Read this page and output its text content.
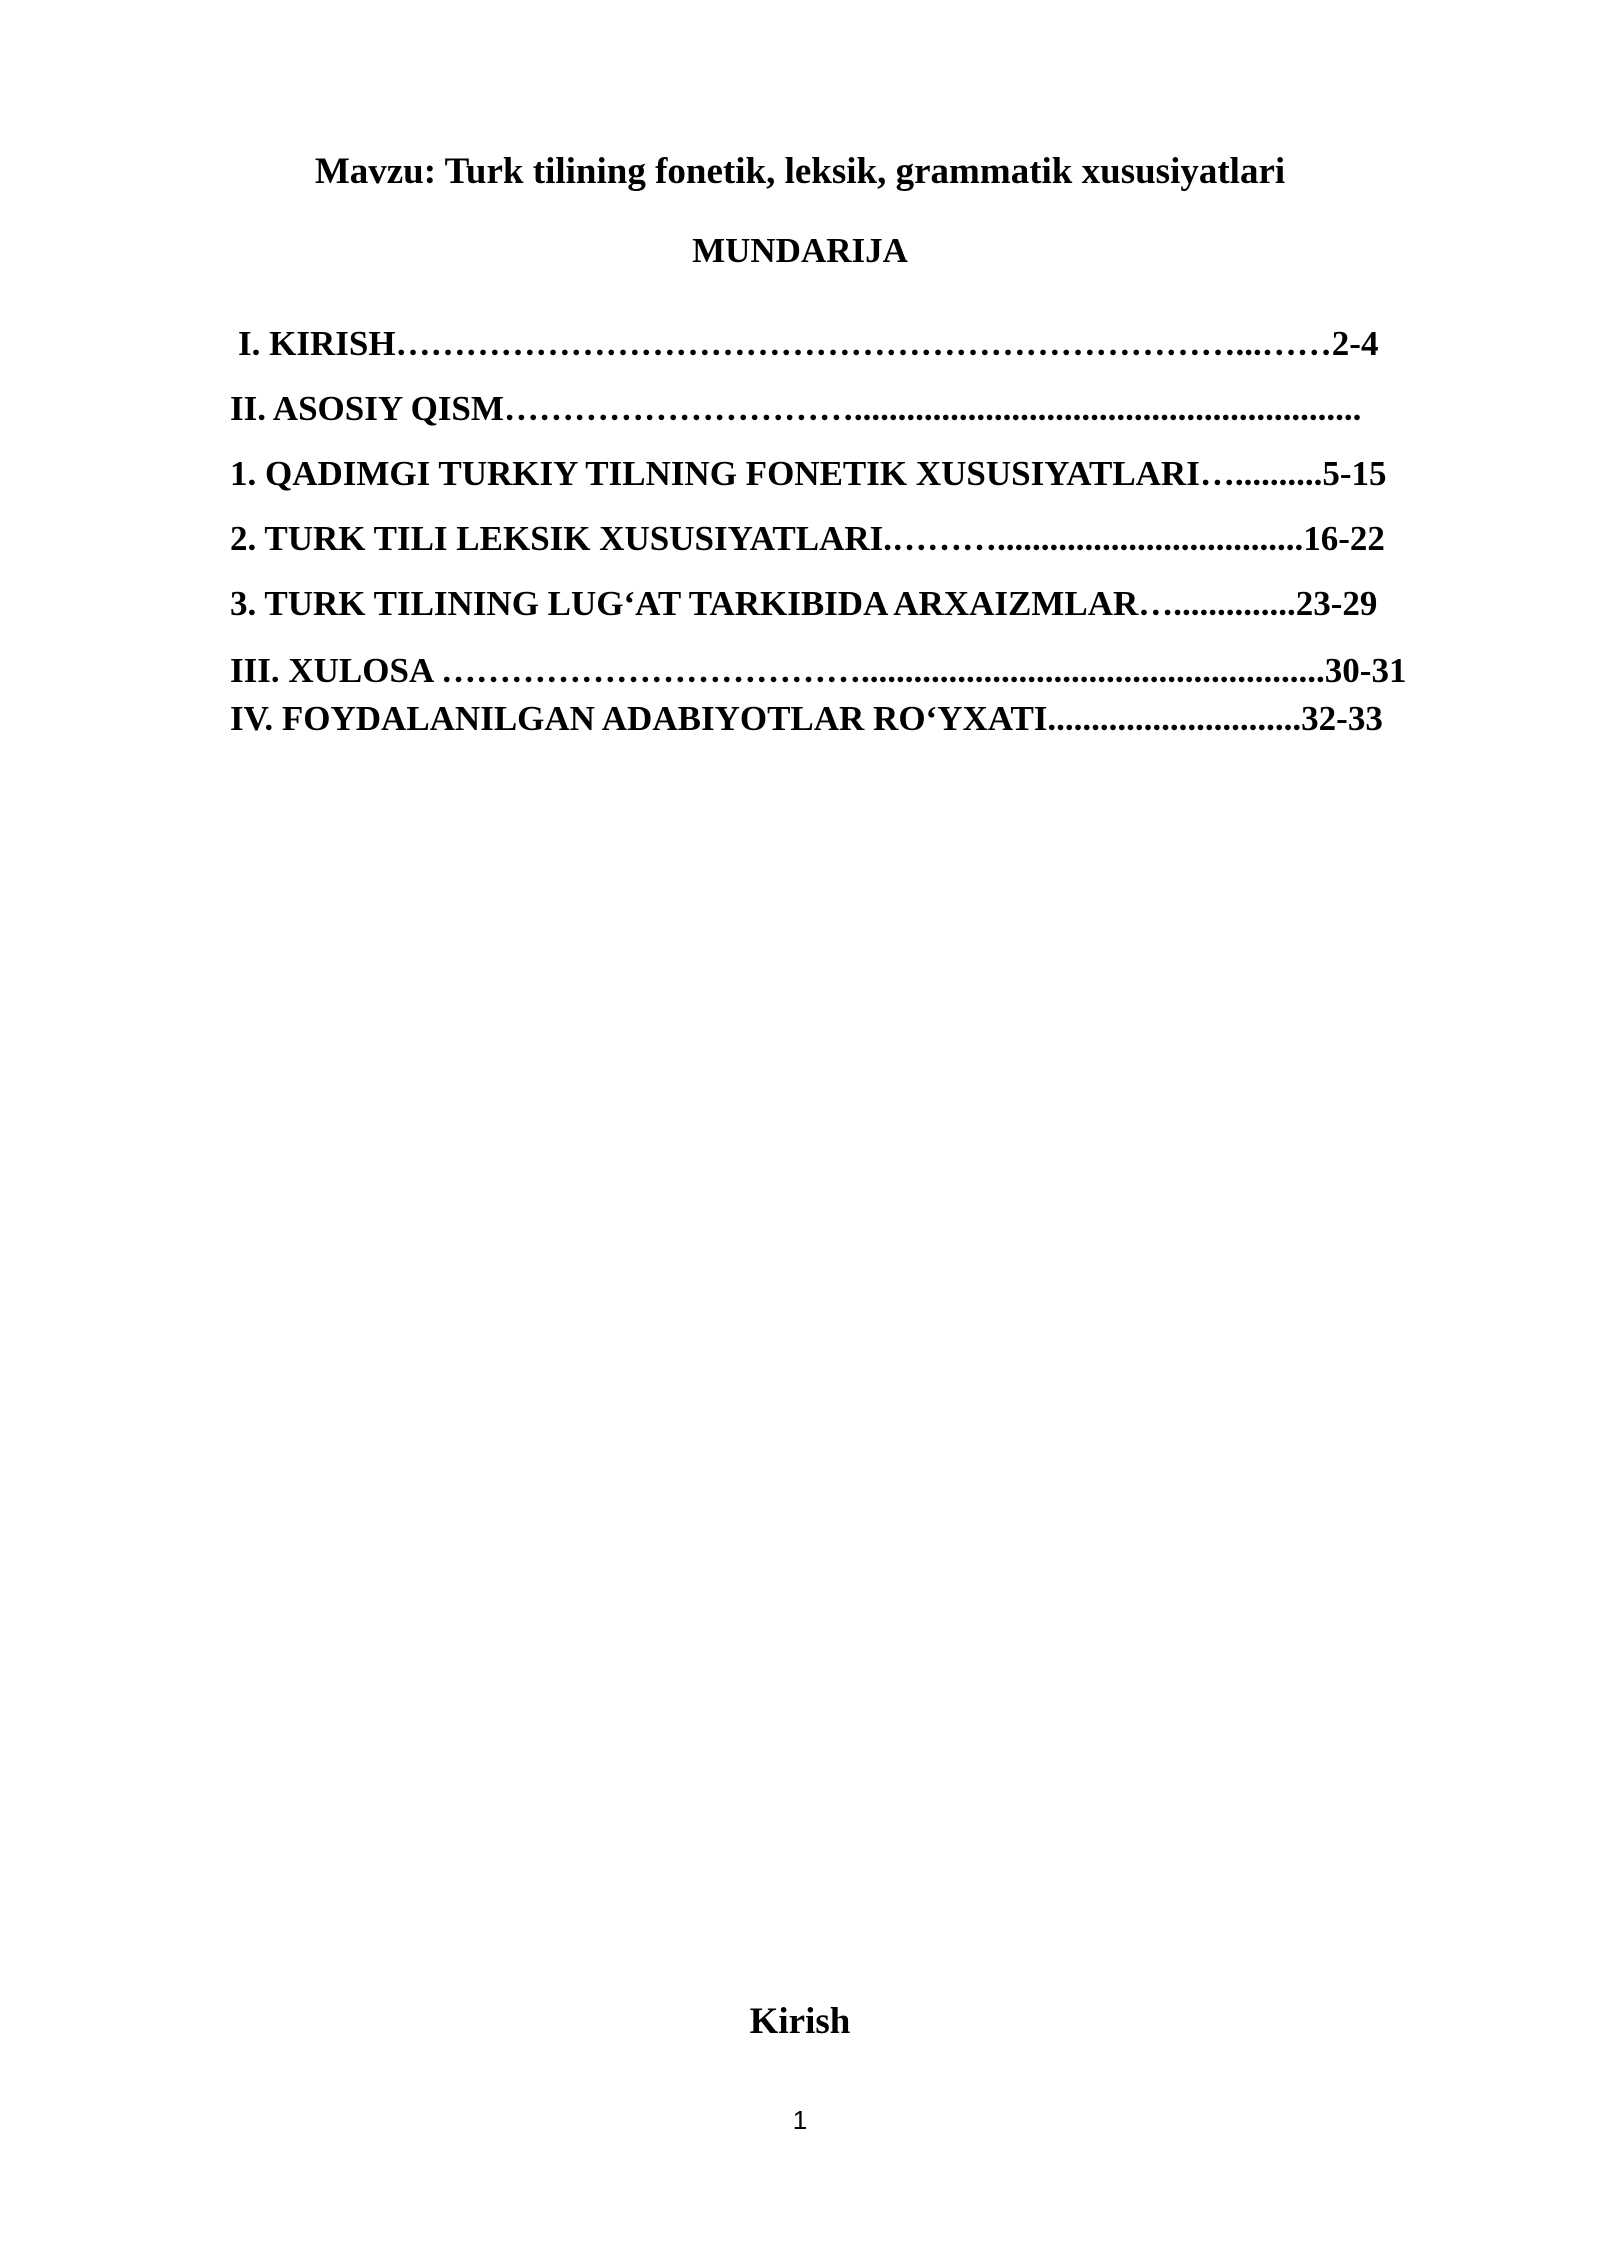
Mavzu: Turk tilining fonetik, leksik, grammatik xususiyatlari
MUNDARIJA

I. KIRISH………………………………………………………………...……2-4

II. ASOSIY QISM…………………………..........................................................

1. QADIMGI TURKIY TILNING FONETIK XUSUSIYATLARI…..........5-15

2. TURK TILI LEKSIK XUSUSIYATLARI.………...................................16-22

3. TURK TILINING LUG‘AT TARKIBIDA ARXAIZMLAR…..............23-29

III. XULOSA ……………………………….....................................................30-31

IV. FOYDALANILGAN ADABIYOTLAR RO‘YXATI.............................32-33

Kirish
1
